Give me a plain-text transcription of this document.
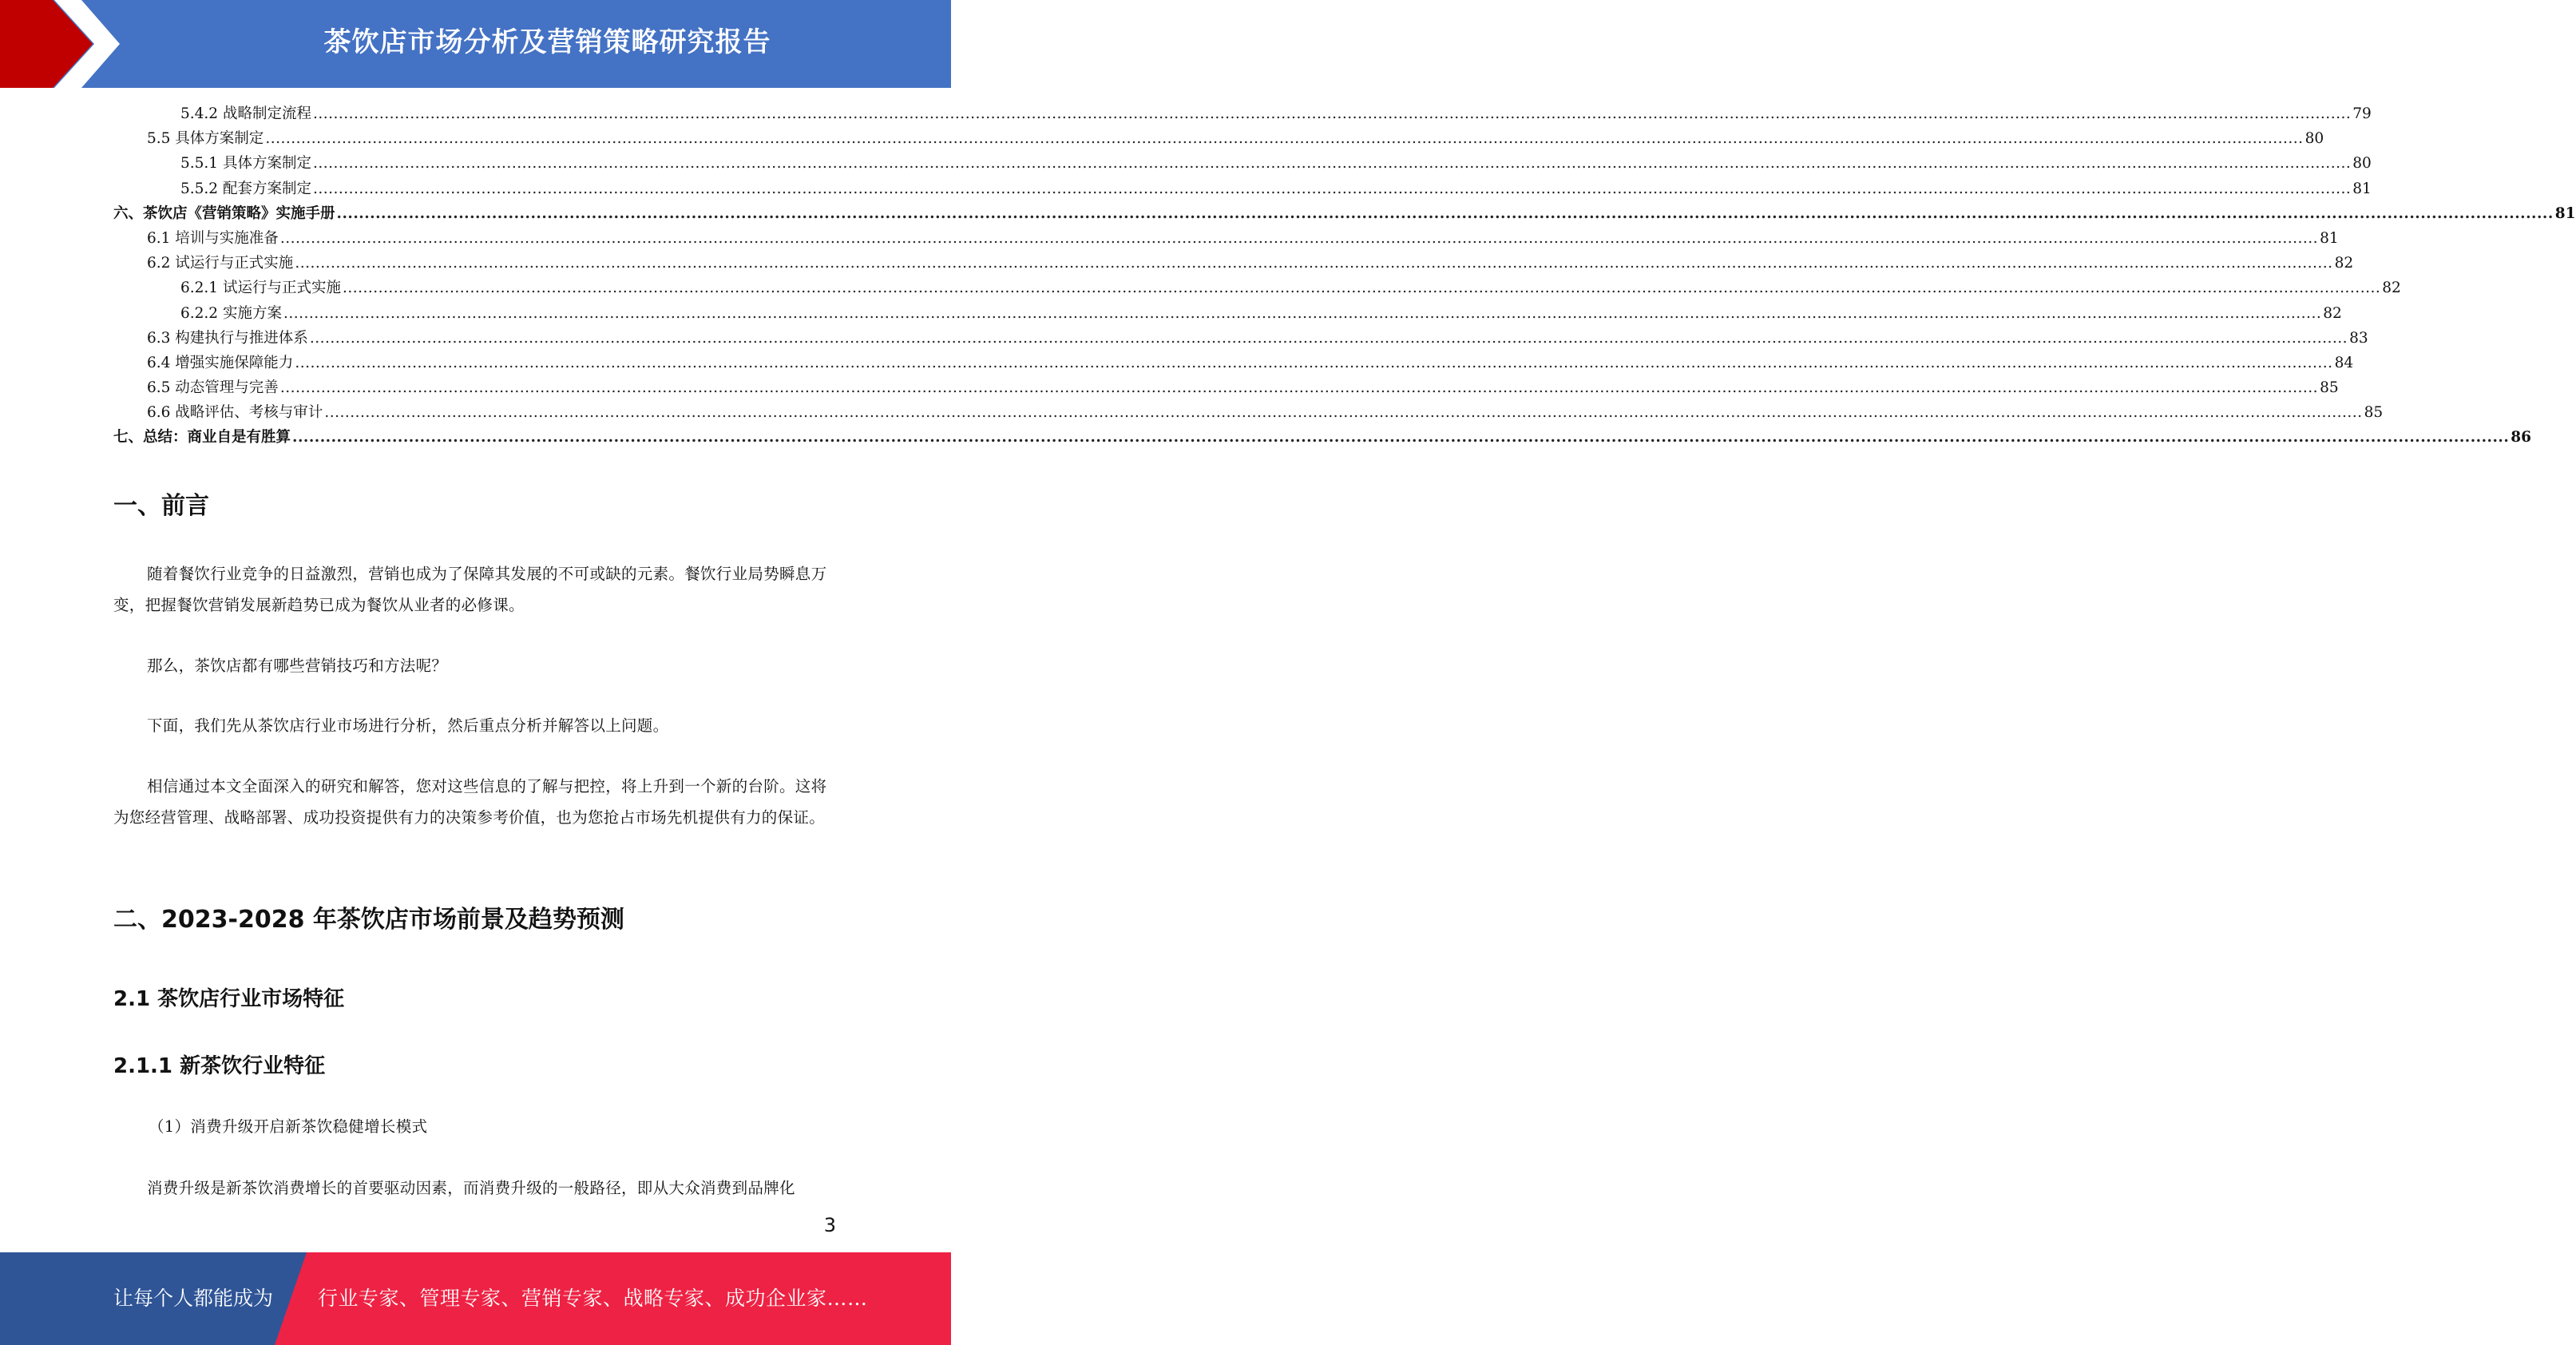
茶饮店市场分析及营销策略研究报告
5.4.2 战略制定流程 ................................................................................................................................................................................................................................................................................................................................................................................................................ 79
5.5 具体方案制定 ................................................................................................................................................................................................................................................................................................................................................................................................................ 80
5.5.1 具体方案制定 ................................................................................................................................................................................................................................................................................................................................................................................................................ 80
5.5.2 配套方案制定 ................................................................................................................................................................................................................................................................................................................................................................................................................ 81
六、茶饮店《营销策略》实施手册 ................................................................................................................................................................................................................................................................................................................................................................................................................ 81
6.1 培训与实施准备 ................................................................................................................................................................................................................................................................................................................................................................................................................ 81
6.2 试运行与正式实施 ................................................................................................................................................................................................................................................................................................................................................................................................................ 82
6.2.1 试运行与正式实施 ................................................................................................................................................................................................................................................................................................................................................................................................................ 82
6.2.2 实施方案 ................................................................................................................................................................................................................................................................................................................................................................................................................ 82
6.3 构建执行与推进体系 ................................................................................................................................................................................................................................................................................................................................................................................................................ 83
6.4 增强实施保障能力 ................................................................................................................................................................................................................................................................................................................................................................................................................ 84
6.5 动态管理与完善 ................................................................................................................................................................................................................................................................................................................................................................................................................ 85
6.6 战略评估、考核与审计 ................................................................................................................................................................................................................................................................................................................................................................................................................ 85
七、总结：商业自是有胜算 ................................................................................................................................................................................................................................................................................................................................................................................................................ 86
一、前言
随着餐饮行业竞争的日益激烈，营销也成为了保障其发展的不可或缺的元素。餐饮行业局势瞬息万变，把握餐饮营销发展新趋势已成为餐饮从业者的必修课。
那么，茶饮店都有哪些营销技巧和方法呢？
下面，我们先从茶饮店行业市场进行分析，然后重点分析并解答以上问题。
相信通过本文全面深入的研究和解答，您对这些信息的了解与把控，将上升到一个新的台阶。这将为您经营管理、战略部署、成功投资提供有力的决策参考价值，也为您抢占市场先机提供有力的保证。
二、2023-2028 年茶饮店市场前景及趋势预测
2.1 茶饮店行业市场特征
2.1.1 新茶饮行业特征
（1）消费升级开启新茶饮稳健增长模式
消费升级是新茶饮消费增长的首要驱动因素，而消费升级的一般路径，即从大众消费到品牌化
3
让每个人都能成为 行业专家、管理专家、营销专家、战略专家、成功企业家……
